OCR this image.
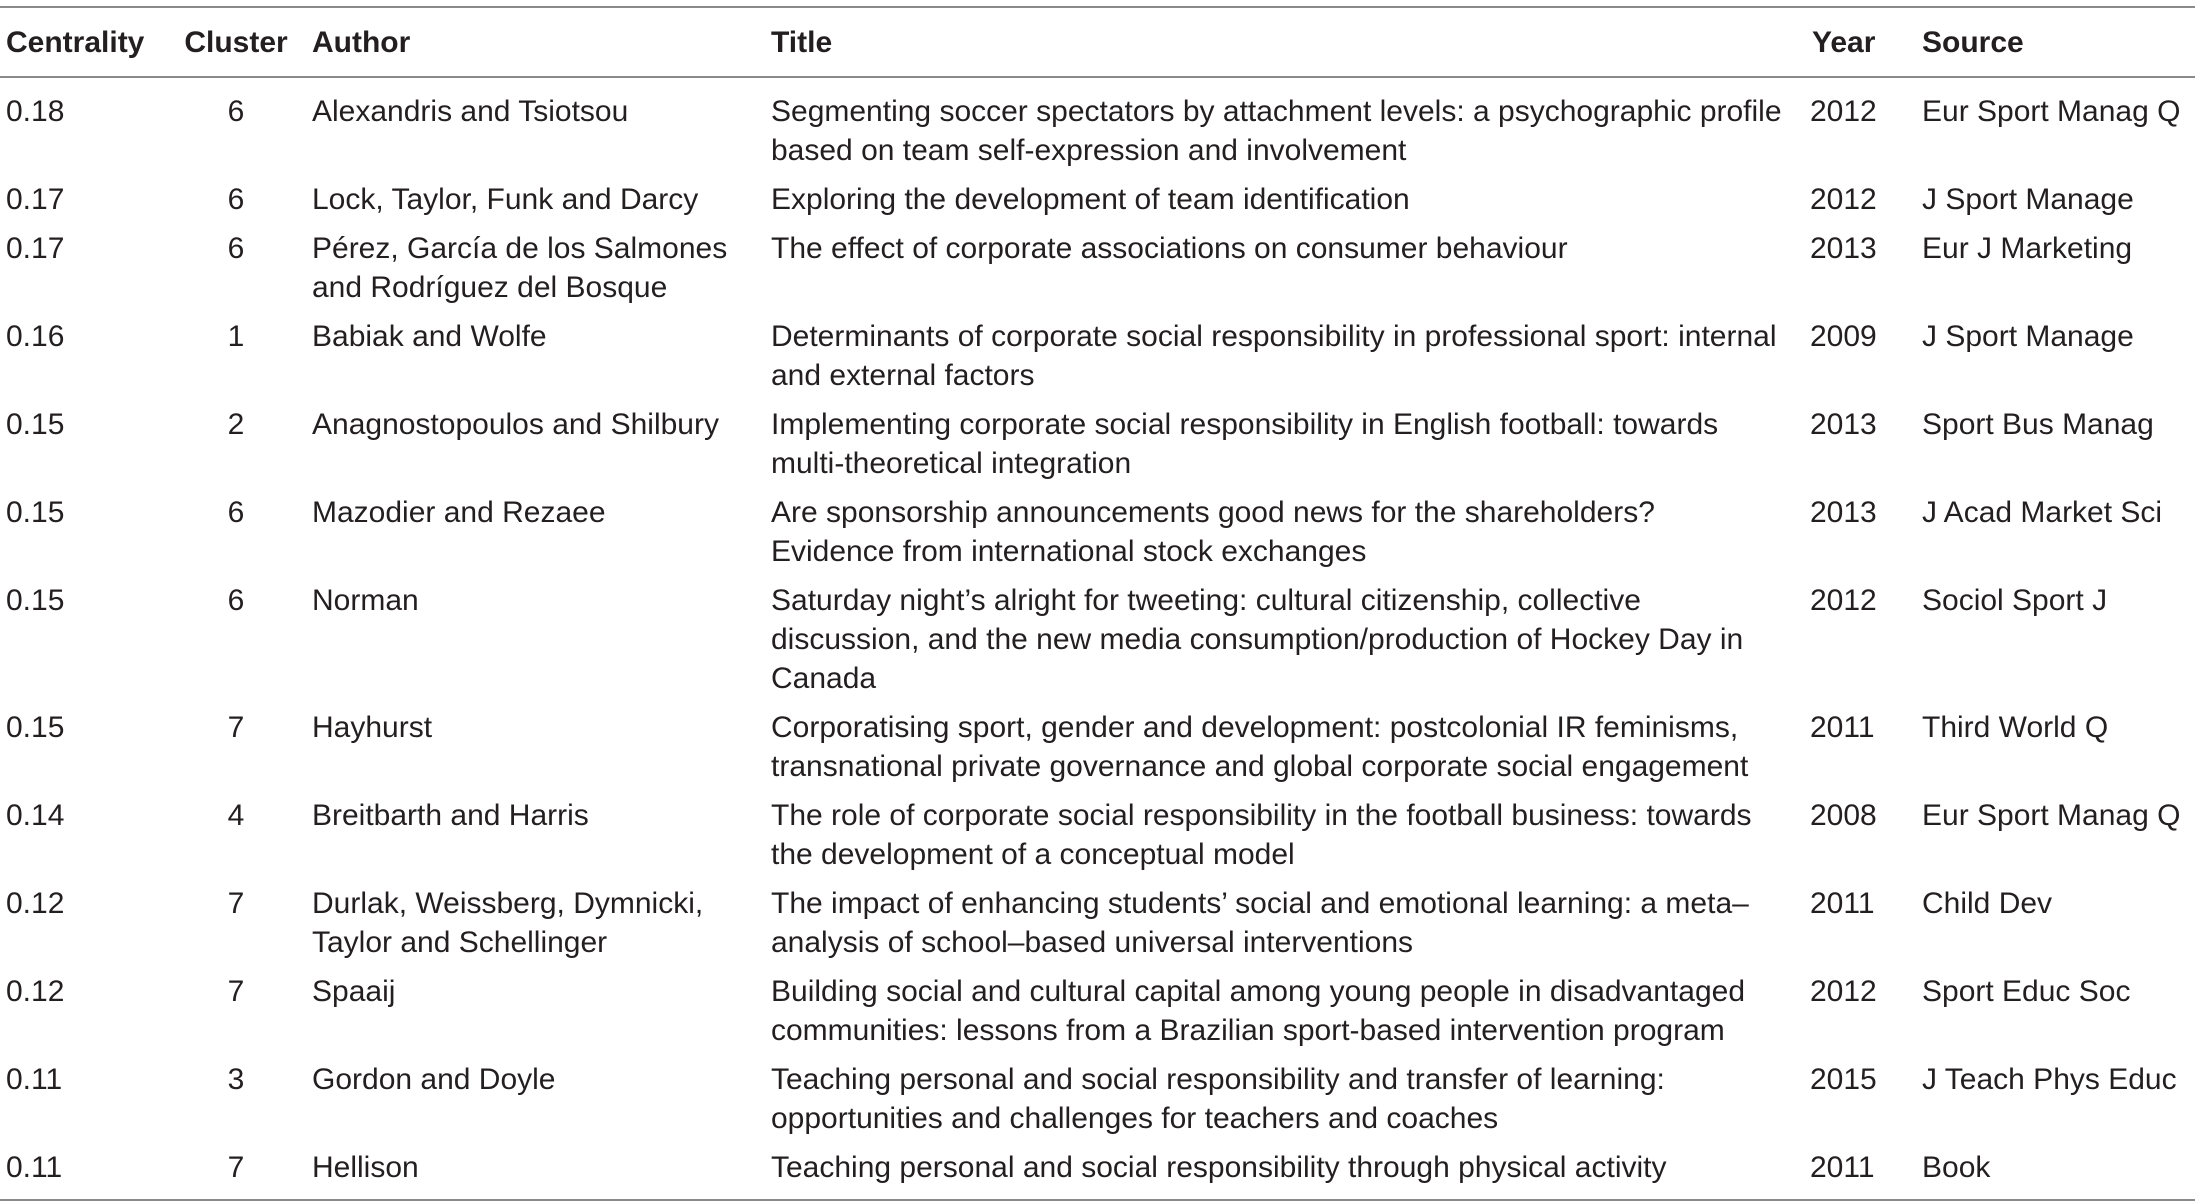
Centrality	Cluster	Author	Title	Year	Source
0.18	6	Alexandris and Tsiotsou	Segmenting soccer spectators by attachment levels: a psychographic profile based on team self-expression and involvement	2012	Eur Sport Manag Q
0.17	6	Lock, Taylor, Funk and Darcy	Exploring the development of team identification	2012	J Sport Manage
0.17	6	Pérez, García de los Salmones and Rodríguez del Bosque	The effect of corporate associations on consumer behaviour	2013	Eur J Marketing
0.16	1	Babiak and Wolfe	Determinants of corporate social responsibility in professional sport: internal and external factors	2009	J Sport Manage
0.15	2	Anagnostopoulos and Shilbury	Implementing corporate social responsibility in English football: towards multi-theoretical integration	2013	Sport Bus Manag
0.15	6	Mazodier and Rezaee	Are sponsorship announcements good news for the shareholders? Evidence from international stock exchanges	2013	J Acad Market Sci
0.15	6	Norman	Saturday night’s alright for tweeting: cultural citizenship, collective discussion, and the new media consumption/production of Hockey Day in Canada	2012	Sociol Sport J
0.15	7	Hayhurst	Corporatising sport, gender and development: postcolonial IR feminisms, transnational private governance and global corporate social engagement	2011	Third World Q
0.14	4	Breitbarth and Harris	The role of corporate social responsibility in the football business: towards the development of a conceptual model	2008	Eur Sport Manag Q
0.12	7	Durlak, Weissberg, Dymnicki, Taylor and Schellinger	The impact of enhancing students’ social and emotional learning: a meta–analysis of school–based universal interventions	2011	Child Dev
0.12	7	Spaaij	Building social and cultural capital among young people in disadvantaged communities: lessons from a Brazilian sport-based intervention program	2012	Sport Educ Soc
0.11	3	Gordon and Doyle	Teaching personal and social responsibility and transfer of learning: opportunities and challenges for teachers and coaches	2015	J Teach Phys Educ
0.11	7	Hellison	Teaching personal and social responsibility through physical activity	2011	Book
